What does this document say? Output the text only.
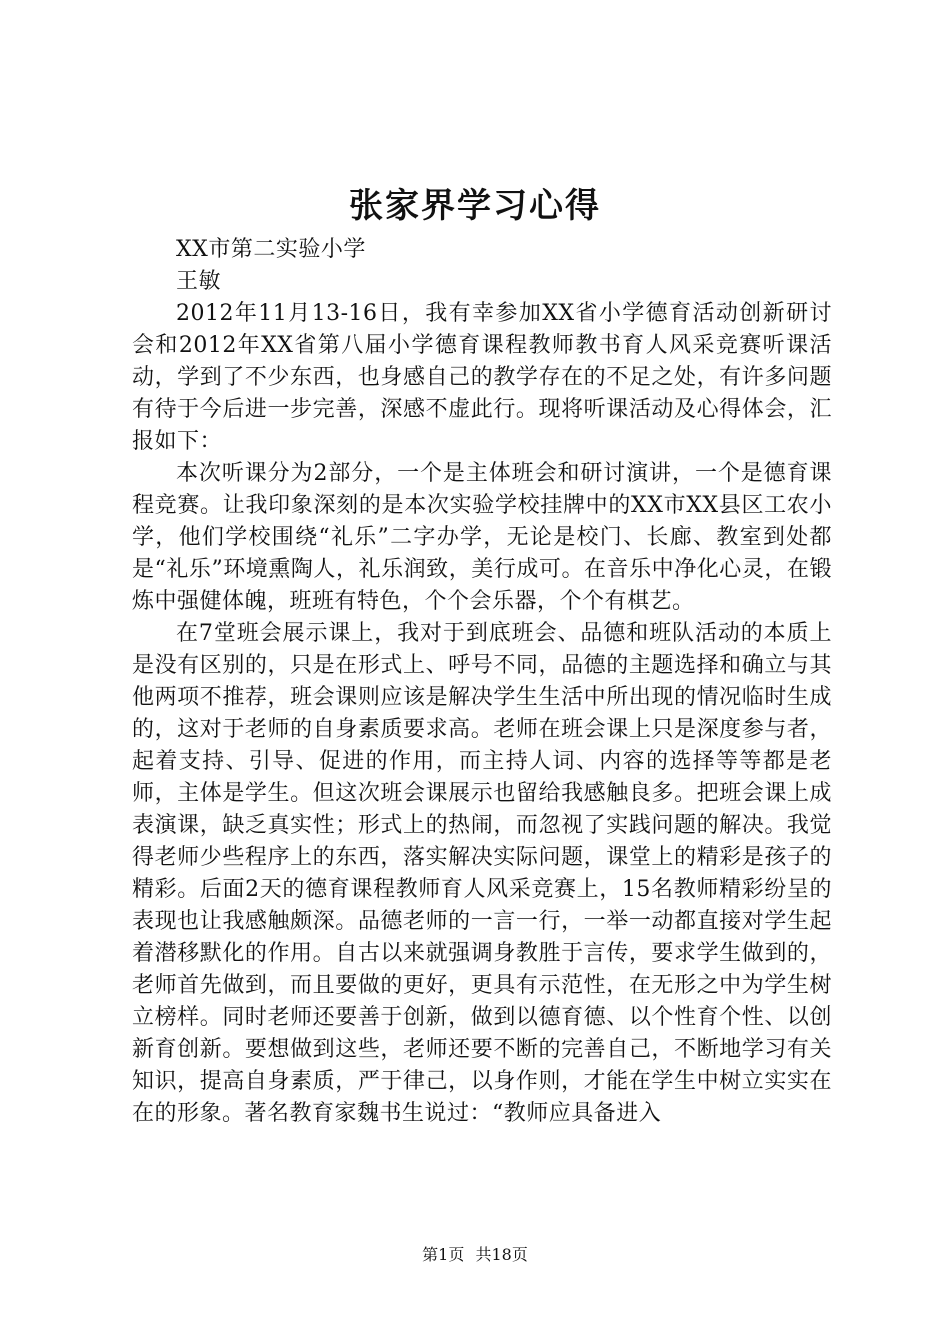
张家界学习心得

XX市第二实验小学

王敏

2012年11月13-16日，我有幸参加XX省小学德育活动创新研讨会和2012年XX省第八届小学德育课程教师教书育人风采竞赛听课活动，学到了不少东西，也身感自己的教学存在的不足之处，有许多问题有待于今后进一步完善，深感不虚此行。现将听课活动及心得体会，汇报如下：

本次听课分为2部分，一个是主体班会和研讨演讲，一个是德育课程竞赛。让我印象深刻的是本次实验学校挂牌中的XX市XX县区工农小学，他们学校围绕“礼乐”二字办学，无论是校门、长廊、教室到处都是“礼乐”环境熏陶人，礼乐润致，美行成可。在音乐中净化心灵，在锻炼中强健体魄，班班有特色，个个会乐器，个个有棋艺。

在7堂班会展示课上，我对于到底班会、品德和班队活动的本质上是没有区别的，只是在形式上、呼号不同，品德的主题选择和确立与其他两项不推荐，班会课则应该是解决学生生活中所出现的情况临时生成的，这对于老师的自身素质要求高。老师在班会课上只是深度参与者，起着支持、引导、促进的作用，而主持人词、内容的选择等等都是老师，主体是学生。但这次班会课展示也留给我感触良多。把班会课上成表演课，缺乏真实性；形式上的热闹，而忽视了实践问题的解决。我觉得老师少些程序上的东西，落实解决实际问题，课堂上的精彩是孩子的精彩。后面2天的德育课程教师育人风采竞赛上，15名教师精彩纷呈的表现也让我感触颇深。品德老师的一言一行，一举一动都直接对学生起着潜移默化的作用。自古以来就强调身教胜于言传，要求学生做到的，老师首先做到，而且要做的更好，更具有示范性，在无形之中为学生树立榜样。同时老师还要善于创新，做到以德育德、以个性育个性、以创新育创新。要想做到这些，老师还要不断的完善自己，不断地学习有关知识，提高自身素质，严于律己，以身作则，才能在学生中树立实实在在的形象。著名教育家魏书生说过：“教师应具备进入

第1页 共18页
